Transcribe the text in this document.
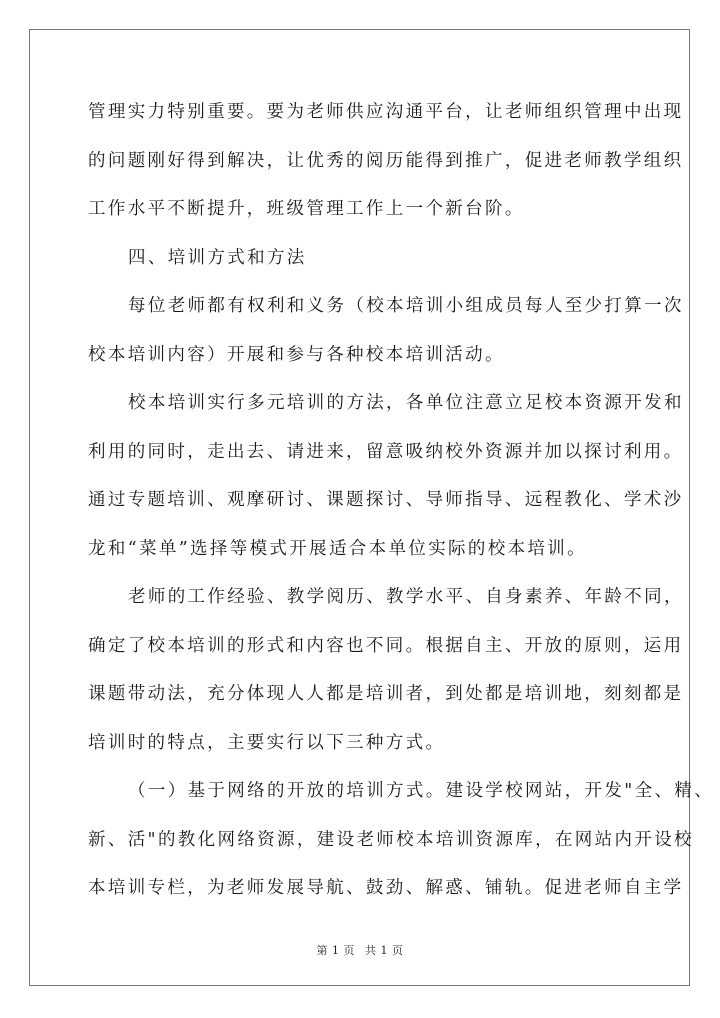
管理实力特别重要。要为老师供应沟通平台，让老师组织管理中出现
的问题刚好得到解决，让优秀的阅历能得到推广，促进老师教学组织
工作水平不断提升，班级管理工作上一个新台阶。
四、培训方式和方法
每位老师都有权利和义务（校本培训小组成员每人至少打算一次
校本培训内容）开展和参与各种校本培训活动。
校本培训实行多元培训的方法，各单位注意立足校本资源开发和
利用的同时，走出去、请进来，留意吸纳校外资源并加以探讨利用。
通过专题培训、观摩研讨、课题探讨、导师指导、远程教化、学术沙
龙和“菜单”选择等模式开展适合本单位实际的校本培训。
老师的工作经验、教学阅历、教学水平、自身素养、年龄不同，
确定了校本培训的形式和内容也不同。根据自主、开放的原则，运用
课题带动法，充分体现人人都是培训者，到处都是培训地，刻刻都是
培训时的特点，主要实行以下三种方式。
（一）基于网络的开放的培训方式。建设学校网站，开发"全、精、
新、活"的教化网络资源，建设老师校本培训资源库，在网站内开设校
本培训专栏，为老师发展导航、鼓劲、解惑、铺轨。促进老师自主学
第 1 页 共 1 页
